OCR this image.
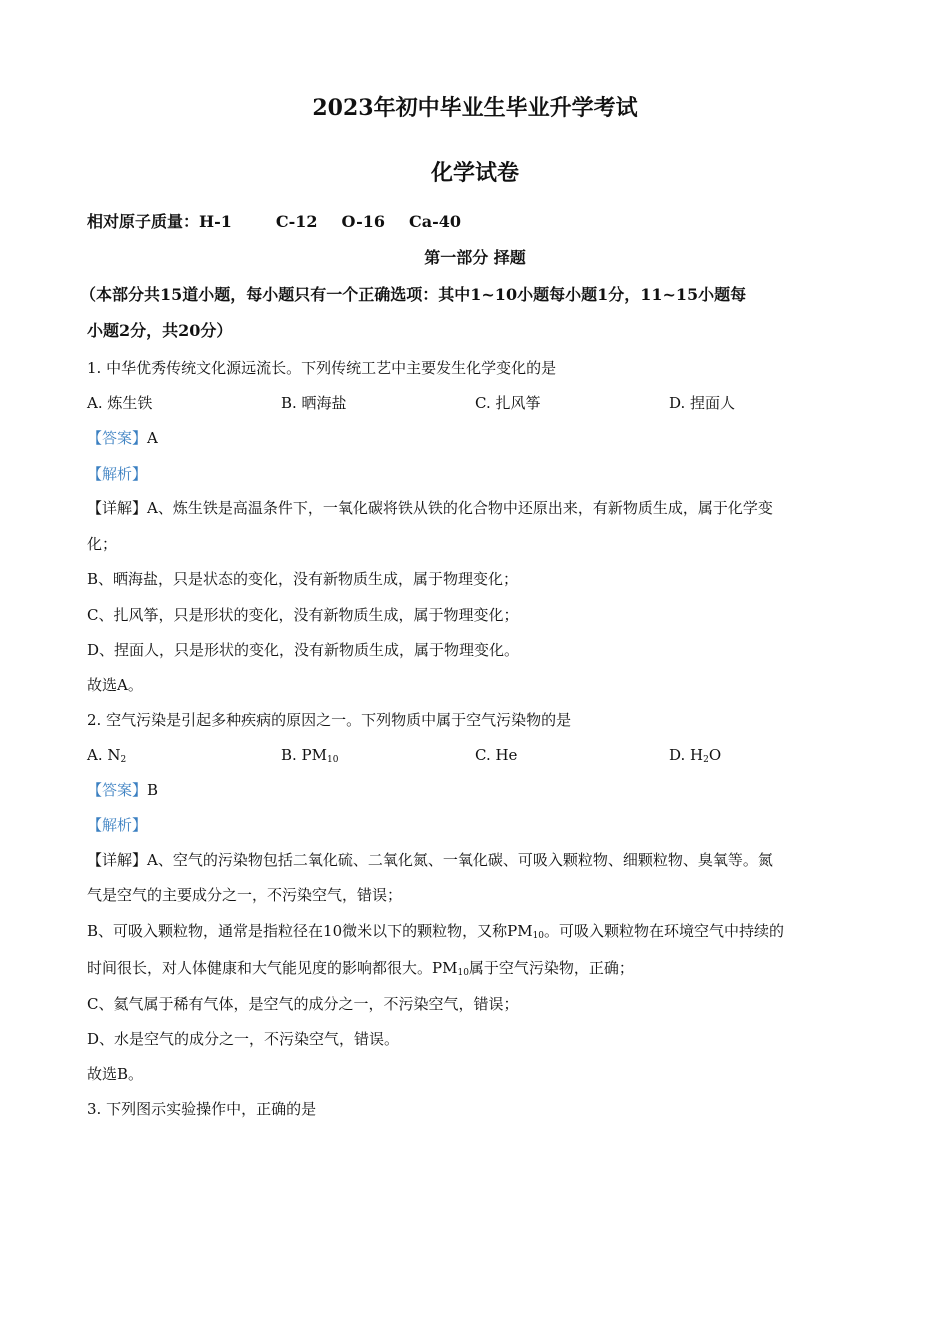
2023年初中毕业生毕业升学考试
化学试卷
相对原子质量：H-1	C-12 O-16 Ca-40
第一部分 择题
（本部分共15道小题，每小题只有一个正确选项：其中1~10小题每小题1分，11~15小题每
小题2分，共20分）
1. 中华优秀传统文化源远流长。下列传统工艺中主要发生化学变化的是
A. 炼生铁	B. 晒海盐	C. 扎风筝	D. 捏面人
【答案】A
【解析】
【详解】A、炼生铁是高温条件下，一氧化碳将铁从铁的化合物中还原出来，有新物质生成，属于化学变
化；
B、晒海盐，只是状态的变化，没有新物质生成，属于物理变化；
C、扎风筝，只是形状的变化，没有新物质生成，属于物理变化；
D、捏面人，只是形状的变化，没有新物质生成，属于物理变化。
故选A。
2. 空气污染是引起多种疾病的原因之一。下列物质中属于空气污染物的是
A. $N_2$	B. $PM_{10}$	C. He	D. $H_2O$
【答案】B
【解析】
【详解】A、空气的污染物包括二氧化硫、二氧化氮、一氧化碳、可吸入颗粒物、细颗粒物、臭氧等。氮
气是空气的主要成分之一，不污染空气，错误；
B、可吸入颗粒物，通常是指粒径在10微米以下的颗粒物，又称$PM_{10}$。可吸入颗粒物在环境空气中持续的
时间很长，对人体健康和大气能见度的影响都很大。$PM_{10}$属于空气污染物，正确；
C、氦气属于稀有气体，是空气的成分之一，不污染空气，错误；
D、水是空气的成分之一，不污染空气，错误。
故选B。
3. 下列图示实验操作中，正确的是
